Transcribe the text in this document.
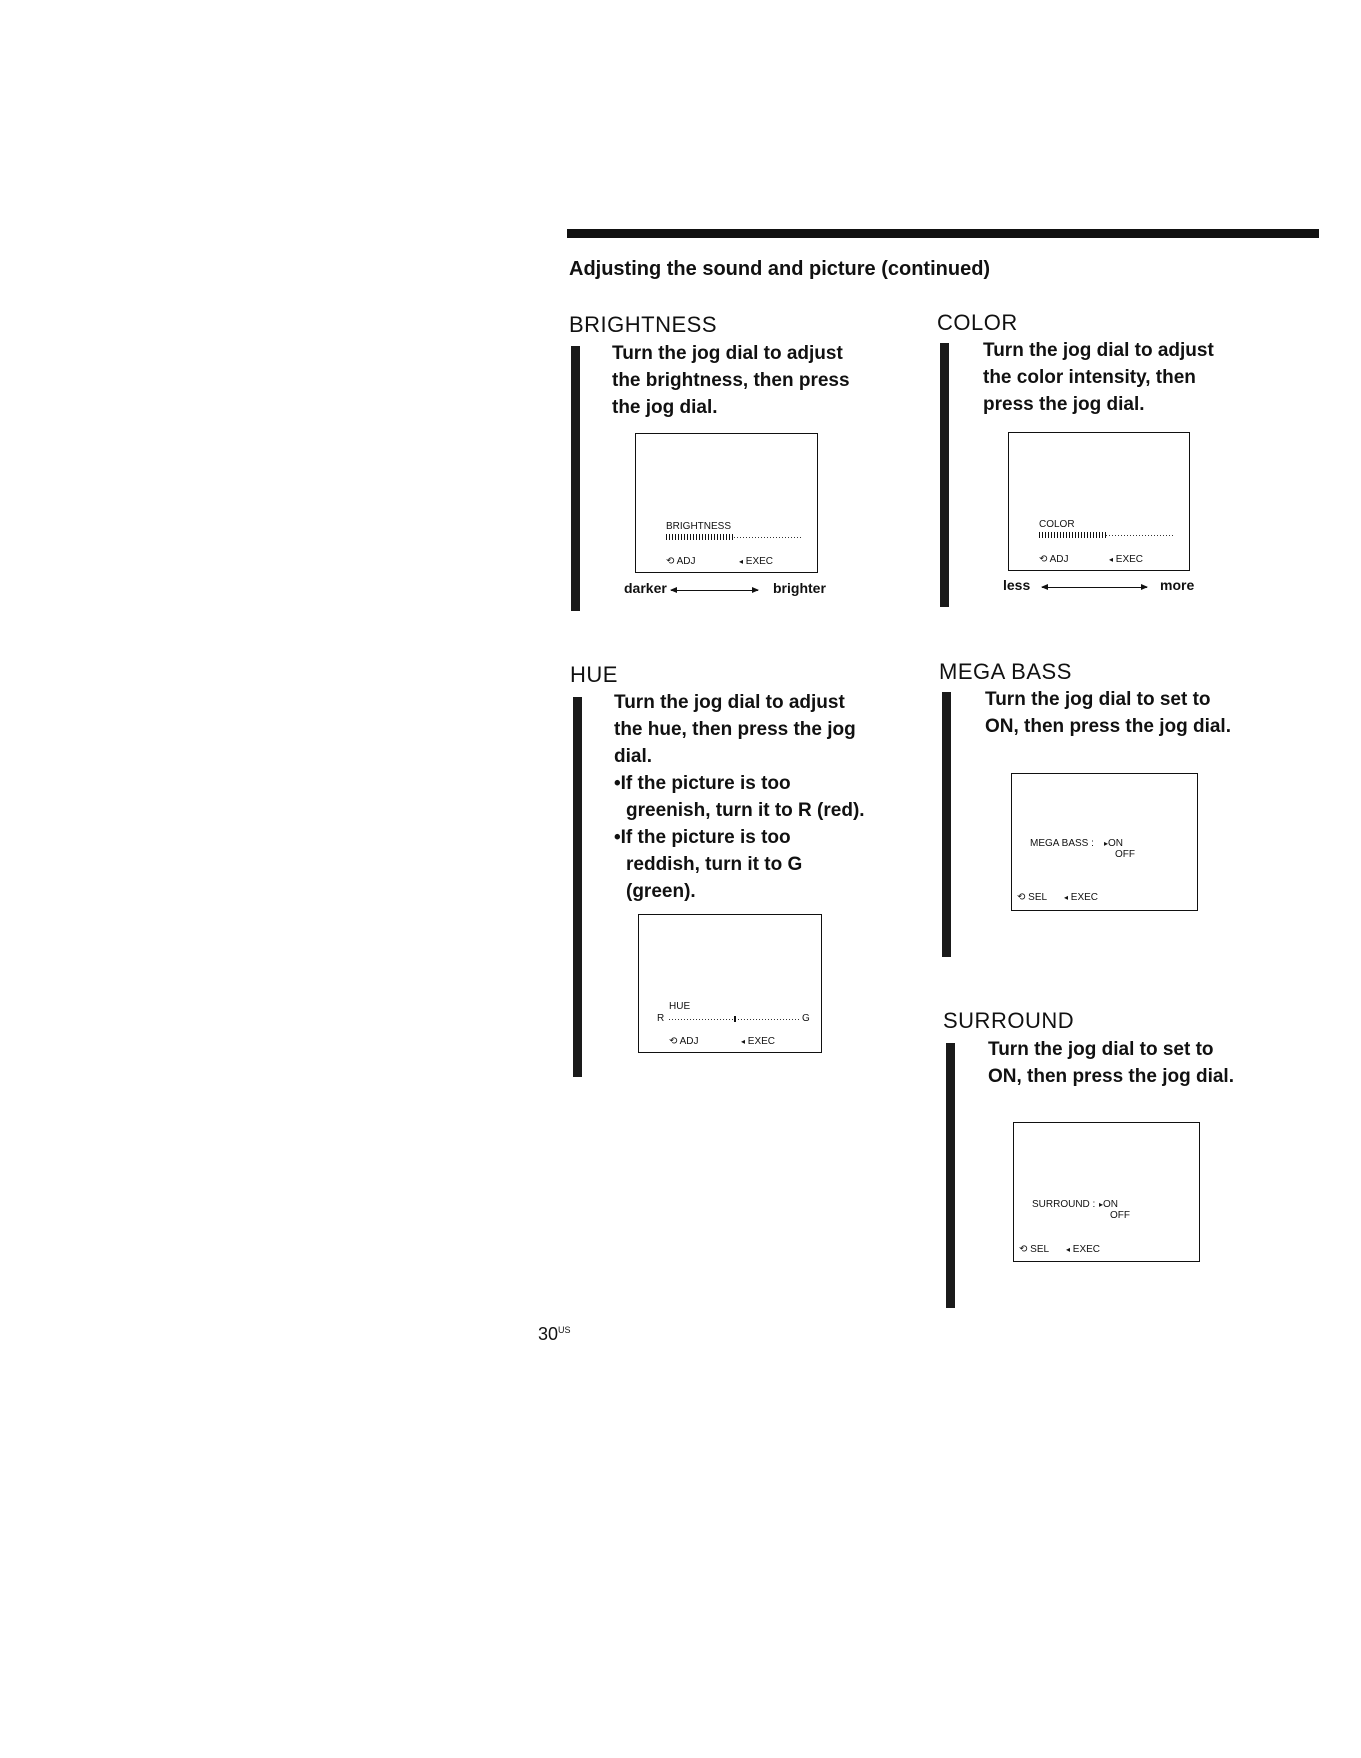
Adjusting the sound and picture (continued)
BRIGHTNESS

Turn the jog dial to adjust

the brightness, then press

the jog dial.

BRIGHTNESS
⟲ ADJ	◂ EXEC
darker	brighter
COLOR

Turn the jog dial to adjust

the color intensity, then

press the jog dial.

COLOR
⟲ ADJ	◂ EXEC
less	more
HUE

Turn the jog dial to adjust

the hue, then press the jog

dial.

•If the picture is too

greenish, turn it to R (red).

•If the picture is too

reddish, turn it to G

(green).

HUE
R	G
⟲ ADJ	◂ EXEC
MEGA BASS

Turn the jog dial to set to

ON, then press the jog dial.

MEGA BASS : ▸ON
OFF
⟲ SEL ◂ EXEC
SURROUND

Turn the jog dial to set to

ON, then press the jog dial.

SURROUND : ▸ON
OFF
⟲ SEL ◂ EXEC
$30^{US}$
